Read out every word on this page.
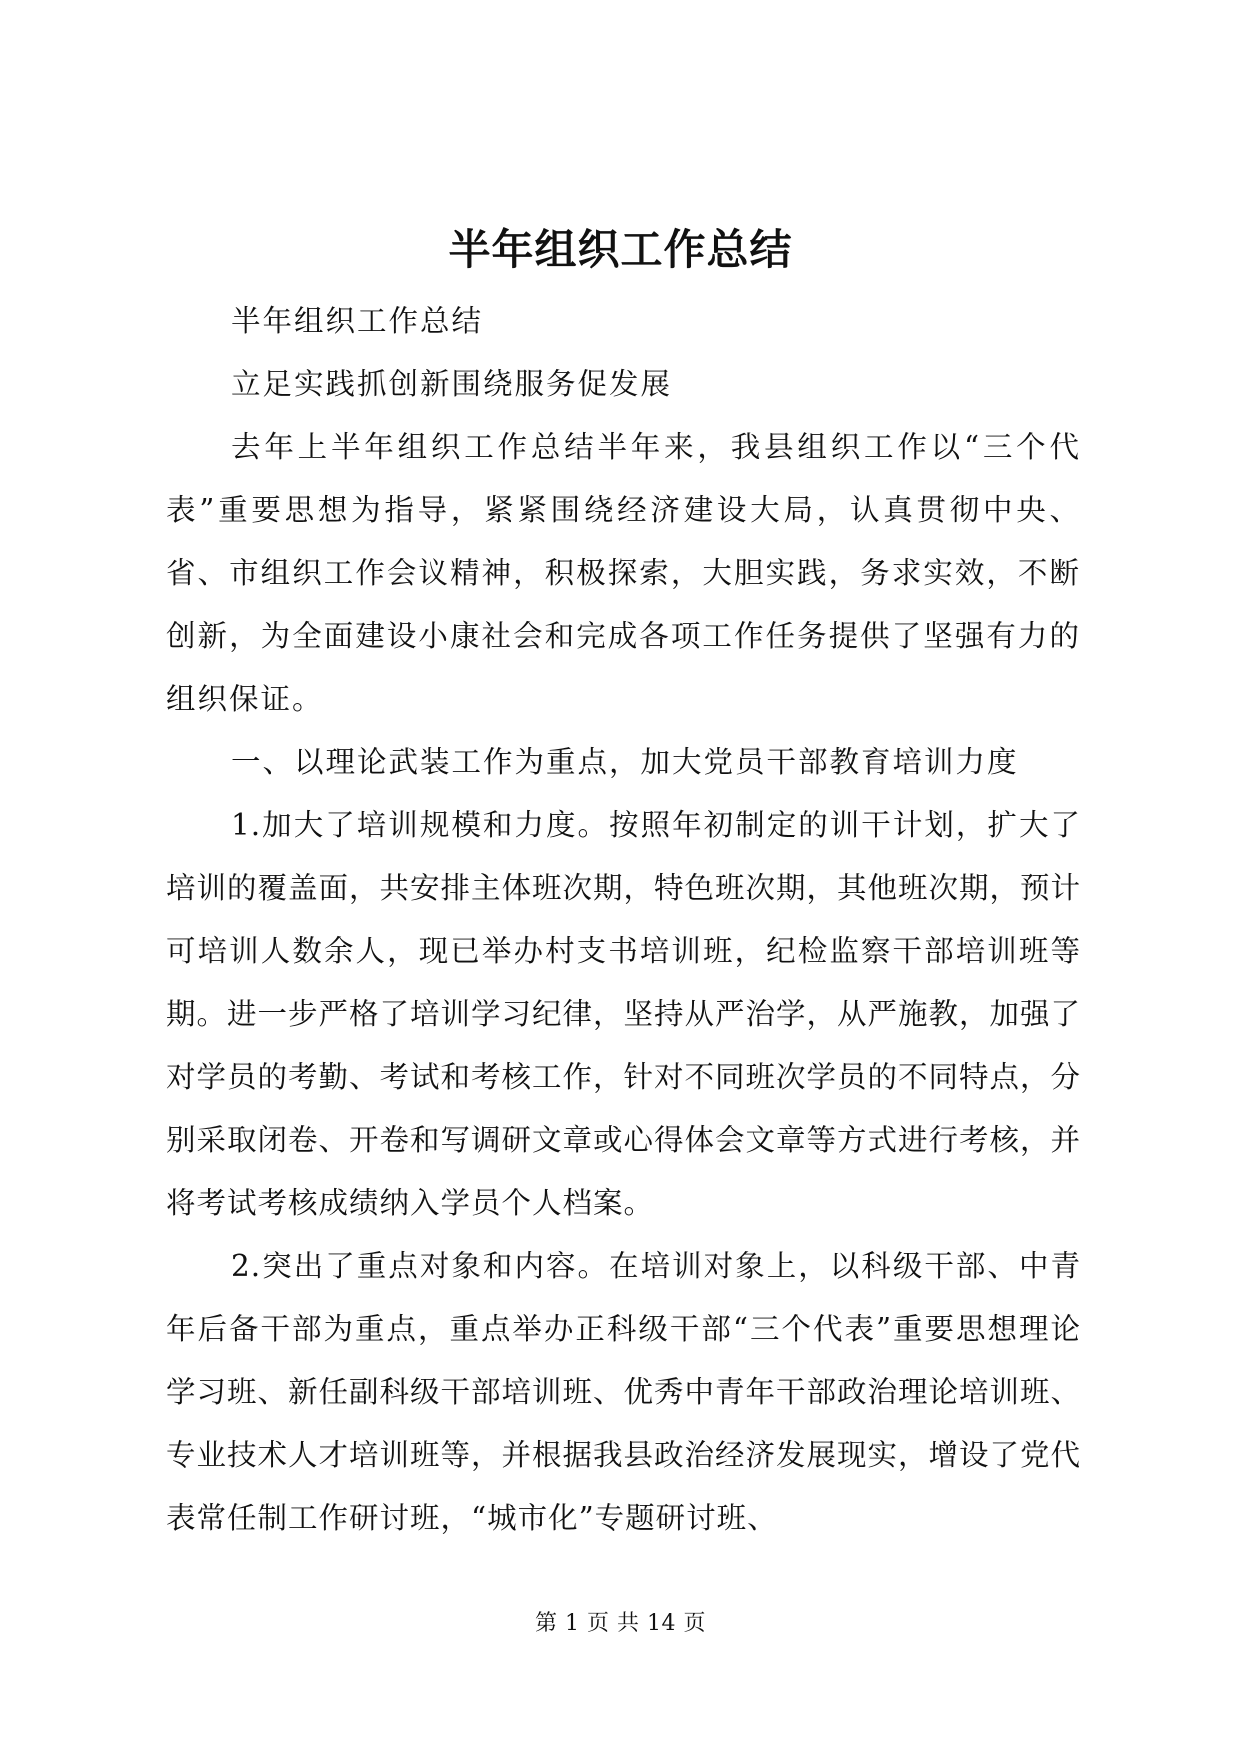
半年组织工作总结

半年组织工作总结

立足实践抓创新围绕服务促发展

去年上半年组织工作总结半年来，我县组织工作以“三个代表”重要思想为指导，紧紧围绕经济建设大局，认真贯彻中央、省、市组织工作会议精神，积极探索，大胆实践，务求实效，不断创新，为全面建设小康社会和完成各项工作任务提供了坚强有力的组织保证。

一、以理论武装工作为重点，加大党员干部教育培训力度

1.加大了培训规模和力度。按照年初制定的训干计划，扩大了培训的覆盖面，共安排主体班次期，特色班次期，其他班次期，预计可培训人数余人，现已举办村支书培训班，纪检监察干部培训班等期。进一步严格了培训学习纪律，坚持从严治学，从严施教，加强了对学员的考勤、考试和考核工作，针对不同班次学员的不同特点，分别采取闭卷、开卷和写调研文章或心得体会文章等方式进行考核，并将考试考核成绩纳入学员个人档案。

2.突出了重点对象和内容。在培训对象上，以科级干部、中青年后备干部为重点，重点举办正科级干部“三个代表”重要思想理论学习班、新任副科级干部培训班、优秀中青年干部政治理论培训班、专业技术人才培训班等，并根据我县政治经济发展现实，增设了党代表常任制工作研讨班，“城市化”专题研讨班、

第 1 页 共 14 页
